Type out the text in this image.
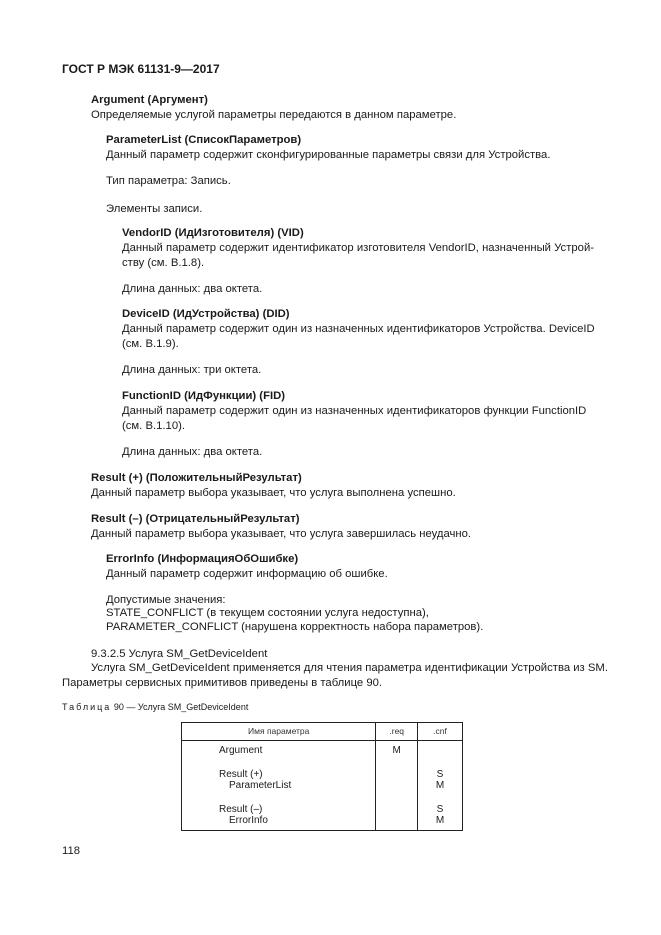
ГОСТ Р МЭК 61131-9—2017
Argument (Аргумент)
Определяемые услугой параметры передаются в данном параметре.
ParameterList (СписокПараметров)
Данный параметр содержит сконфигурированные параметры связи для Устройства.
Тип параметра: Запись.
Элементы записи.
VendorID (ИдИзготовителя) (VID)
Данный параметр содержит идентификатор изготовителя VendorID, назначенный Устрой-
ству (см. B.1.8).
Длина данных: два октета.
DeviceID (ИдУстройства) (DID)
Данный параметр содержит один из назначенных идентификаторов Устройства. DeviceID
(см. B.1.9).
Длина данных: три октета.
FunctionID (ИдФункции) (FID)
Данный параметр содержит один из назначенных идентификаторов функции FunctionID
(см. B.1.10).
Длина данных: два октета.
Result (+) (ПоложительныйРезультат)
Данный параметр выбора указывает, что услуга выполнена успешно.
Result (–) (ОтрицательныйРезультат)
Данный параметр выбора указывает, что услуга завершилась неудачно.
ErrorInfo (ИнформацияОбОшибке)
Данный параметр содержит информацию об ошибке.
Допустимые значения:
STATE_CONFLICT (в текущем состоянии услуга недоступна),
PARAMETER_CONFLICT (нарушена корректность набора параметров).
9.3.2.5 Услуга SM_GetDeviceIdent
Услуга SM_GetDeviceIdent применяется для чтения параметра идентификации Устройства из SM.
Параметры сервисных примитивов приведены в таблице 90.
Таблица 90 — Услуга SM_GetDeviceIdent
Имя параметра	.req	.cnf
Argument	M	
Result (+)		S
ParameterList		M
Result (–)		S
ErrorInfo		M
118
